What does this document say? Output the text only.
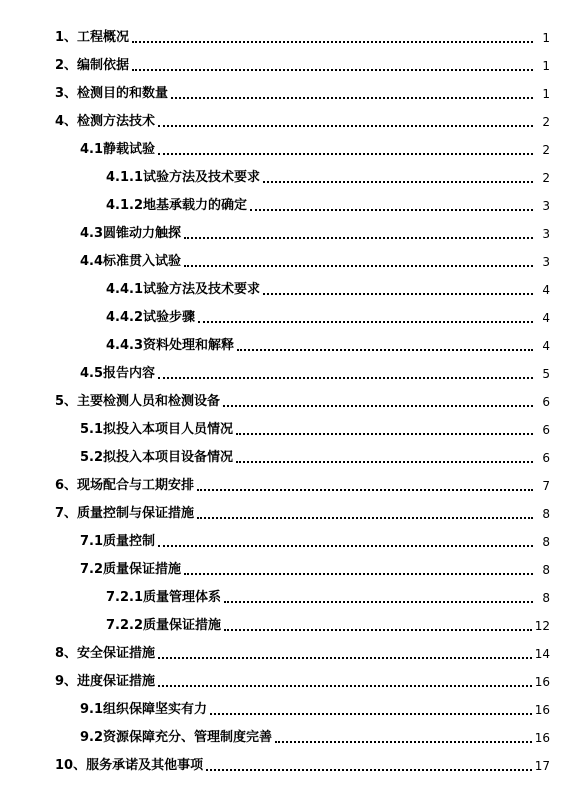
1、 工程概况	1
2、 编制依据	1
3、 检测目的和数量	1
4、 检测方法技术	2
4.1 静载试验	2
4.1.1 试验方法及技术要求	2
4.1.2 地基承载力的确定	3
4.3 圆锥动力触探	3
4.4 标准贯入试验	3
4.4.1 试验方法及技术要求	4
4.4.2 试验步骤	4
4.4.3 资料处理和解释	4
4.5 报告内容	5
5、 主要检测人员和检测设备	6
5.1 拟投入本项目人员情况	6
5.2 拟投入本项目设备情况	6
6、 现场配合与工期安排	7
7、 质量控制与保证措施	8
7.1 质量控制	8
7.2 质量保证措施	8
7.2.1 质量管理体系	8
7.2.2 质量保证措施	12
8、 安全保证措施	14
9、 进度保证措施	16
9.1 组织保障坚实有力	16
9.2 资源保障充分、管理制度完善	16
10、 服务承诺及其他事项	17
